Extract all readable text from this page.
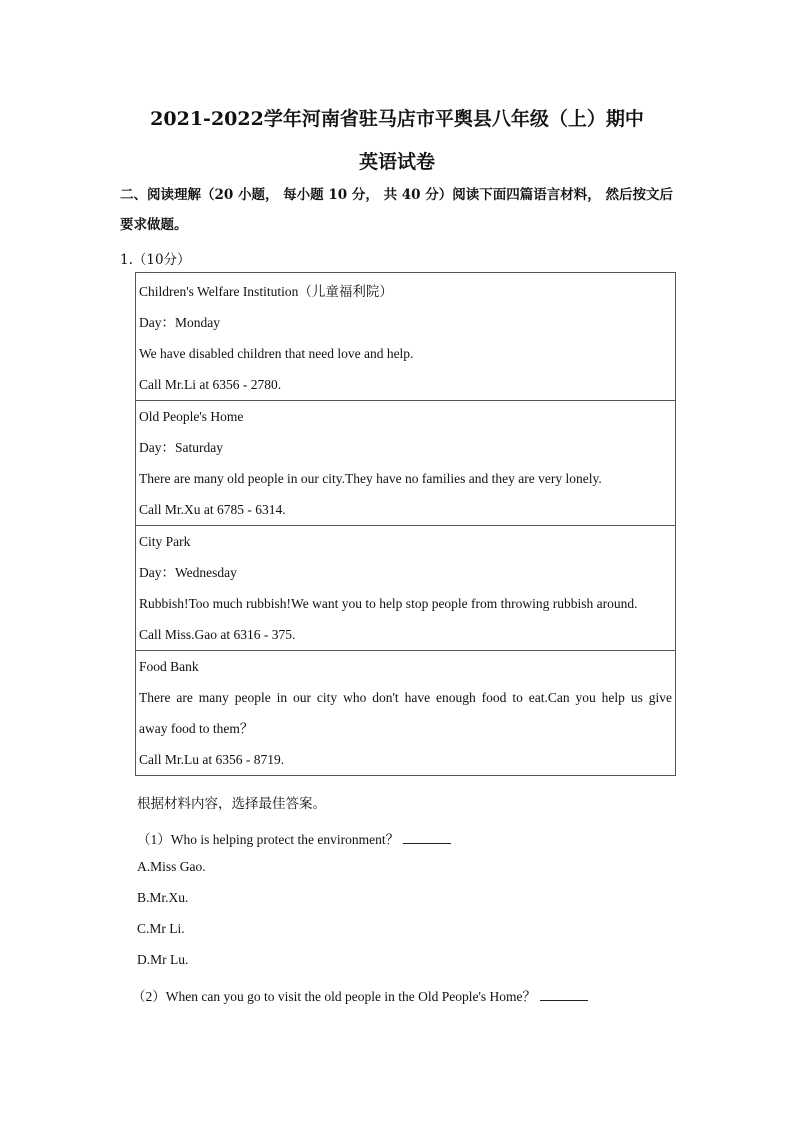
2021-2022学年河南省驻马店市平舆县八年级（上）期中
英语试卷
二、阅读理解（20 小题， 每小题 10 分， 共 40 分）阅读下面四篇语言材料， 然后按文后要求做题。
1.（10分）
Children's Welfare Institution（儿童福利院）
Day：Monday
We have disabled children that need love and help.
Call Mr.Li at 6356 - 2780.

Old People's Home
Day：Saturday
There are many old people in our city.They have no families and they are very lonely.
Call Mr.Xu at 6785 - 6314.

City Park
Day：Wednesday
Rubbish!Too much rubbish!We want you to help stop people from throwing rubbish around.
Call Miss.Gao at 6316 - 375.

Food Bank
There are many people in our city who don't have enough food to eat.Can you help us give
away food to them？
Call Mr.Lu at 6356 - 8719.
根据材料内容，选择最佳答案。
（1）Who is helping protect the environment？
A.Miss Gao.
B.Mr.Xu.
C.Mr Li.
D.Mr Lu.
（2）When can you go to visit the old people in the Old People's Home？
